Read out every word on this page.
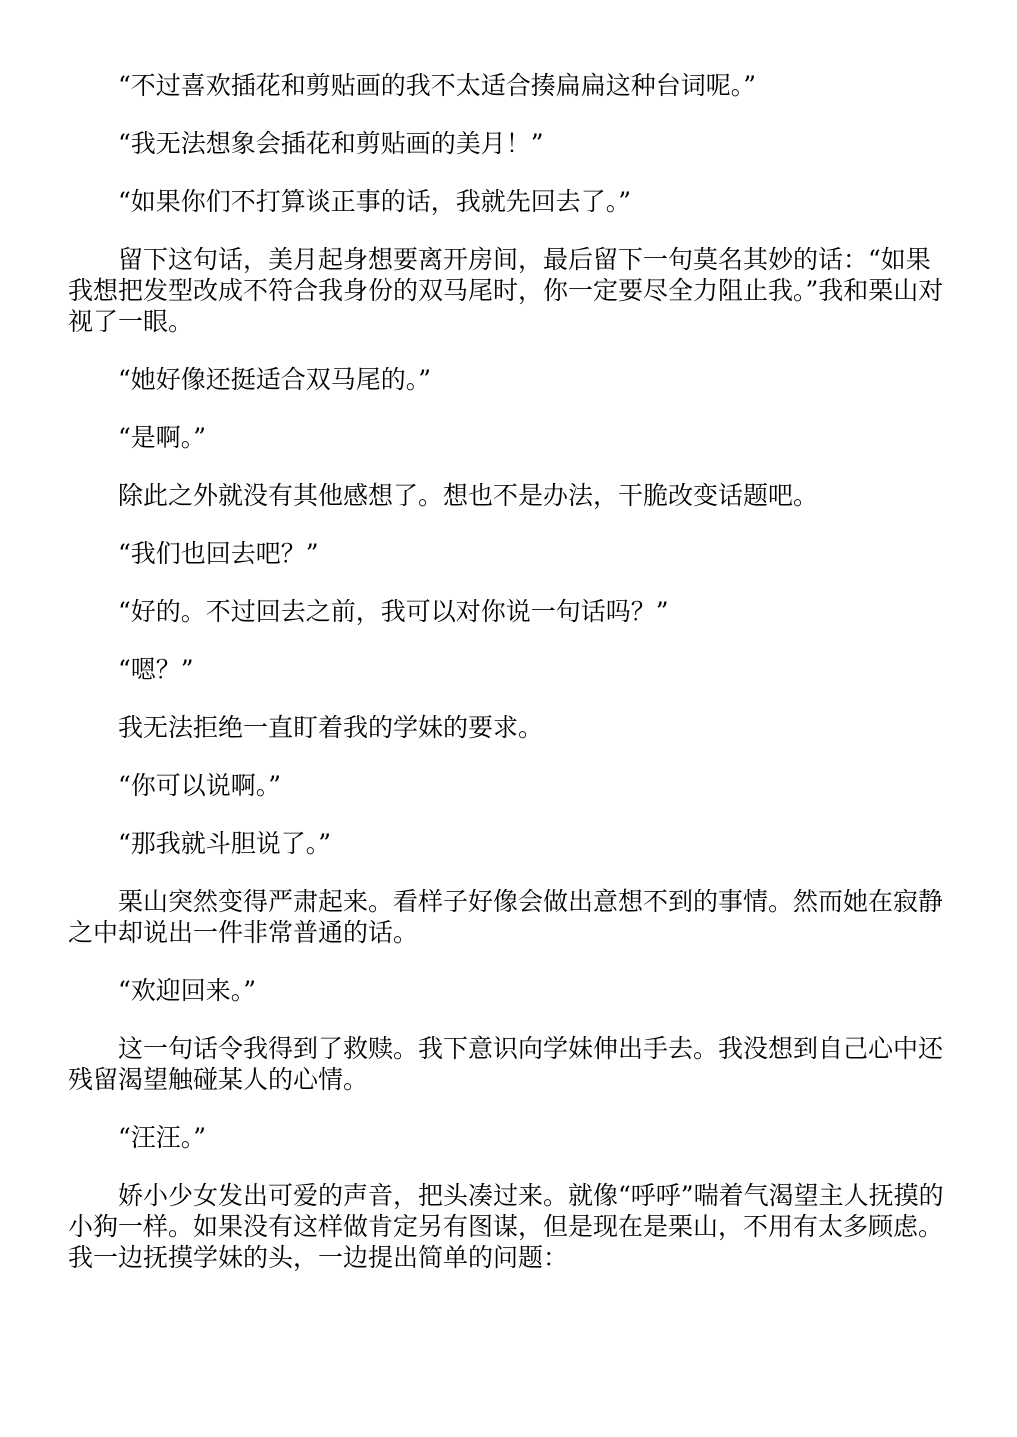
“不过喜欢插花和剪贴画的我不太适合揍扁扁这种台词呢。”

“我无法想象会插花和剪贴画的美月！”

“如果你们不打算谈正事的话，我就先回去了。”

留下这句话，美月起身想要离开房间，最后留下一句莫名其妙的话：“如果我想把发型改成不符合我身份的双马尾时，你一定要尽全力阻止我。”我和栗山对视了一眼。

“她好像还挺适合双马尾的。”

“是啊。”

除此之外就没有其他感想了。想也不是办法，干脆改变话题吧。

“我们也回去吧？”

“好的。不过回去之前，我可以对你说一句话吗？”

“嗯？”

我无法拒绝一直盯着我的学妹的要求。

“你可以说啊。”

“那我就斗胆说了。”

栗山突然变得严肃起来。看样子好像会做出意想不到的事情。然而她在寂静之中却说出一件非常普通的话。

“欢迎回来。”

这一句话令我得到了救赎。我下意识向学妹伸出手去。我没想到自己心中还残留渴望触碰某人的心情。

“汪汪。”

娇小少女发出可爱的声音，把头凑过来。就像“呼呼”喘着气渴望主人抚摸的小狗一样。如果没有这样做肯定另有图谋，但是现在是栗山，不用有太多顾虑。我一边抚摸学妹的头，一边提出简单的问题：
